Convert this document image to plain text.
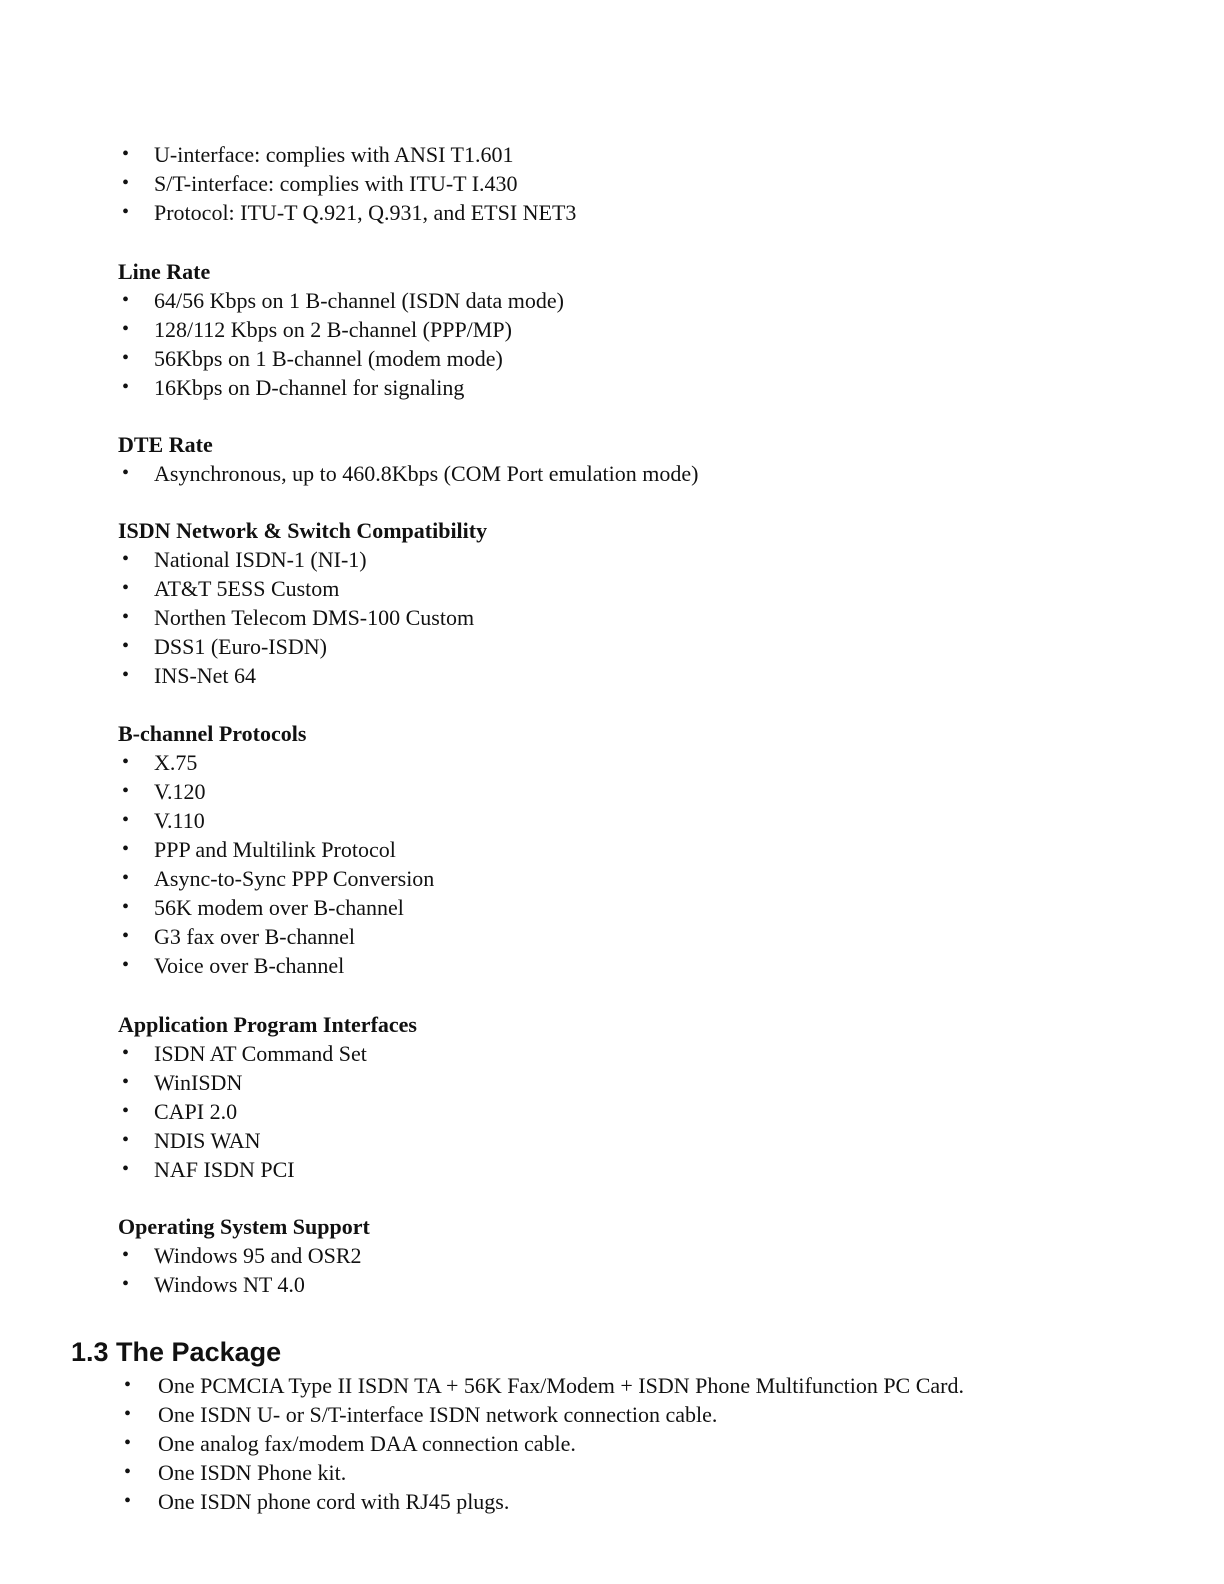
• U-interface: complies with ANSI T1.601
• S/T-interface: complies with ITU-T I.430
• Protocol: ITU-T Q.921, Q.931, and ETSI NET3
Line Rate
• 64/56 Kbps on 1 B-channel (ISDN data mode)
• 128/112 Kbps on 2 B-channel (PPP/MP)
• 56Kbps on 1 B-channel (modem mode)
• 16Kbps on D-channel for signaling
DTE Rate
• Asynchronous, up to 460.8Kbps (COM Port emulation mode)
ISDN Network & Switch Compatibility
• National ISDN-1 (NI-1)
• AT&T 5ESS Custom
• Northen Telecom DMS-100 Custom
• DSS1 (Euro-ISDN)
• INS-Net 64
B-channel Protocols
• X.75
• V.120
• V.110
• PPP and Multilink Protocol
• Async-to-Sync PPP Conversion
• 56K modem over B-channel
• G3 fax over B-channel
• Voice over B-channel
Application Program Interfaces
• ISDN AT Command Set
• WinISDN
• CAPI 2.0
• NDIS WAN
• NAF ISDN PCI
Operating System Support
• Windows 95 and OSR2
• Windows NT 4.0
1.3 The Package
• One PCMCIA Type II ISDN TA + 56K Fax/Modem + ISDN Phone Multifunction PC Card.
• One ISDN U- or S/T-interface ISDN network connection cable.
• One analog fax/modem DAA connection cable.
• One ISDN Phone kit.
• One ISDN phone cord with RJ45 plugs.
